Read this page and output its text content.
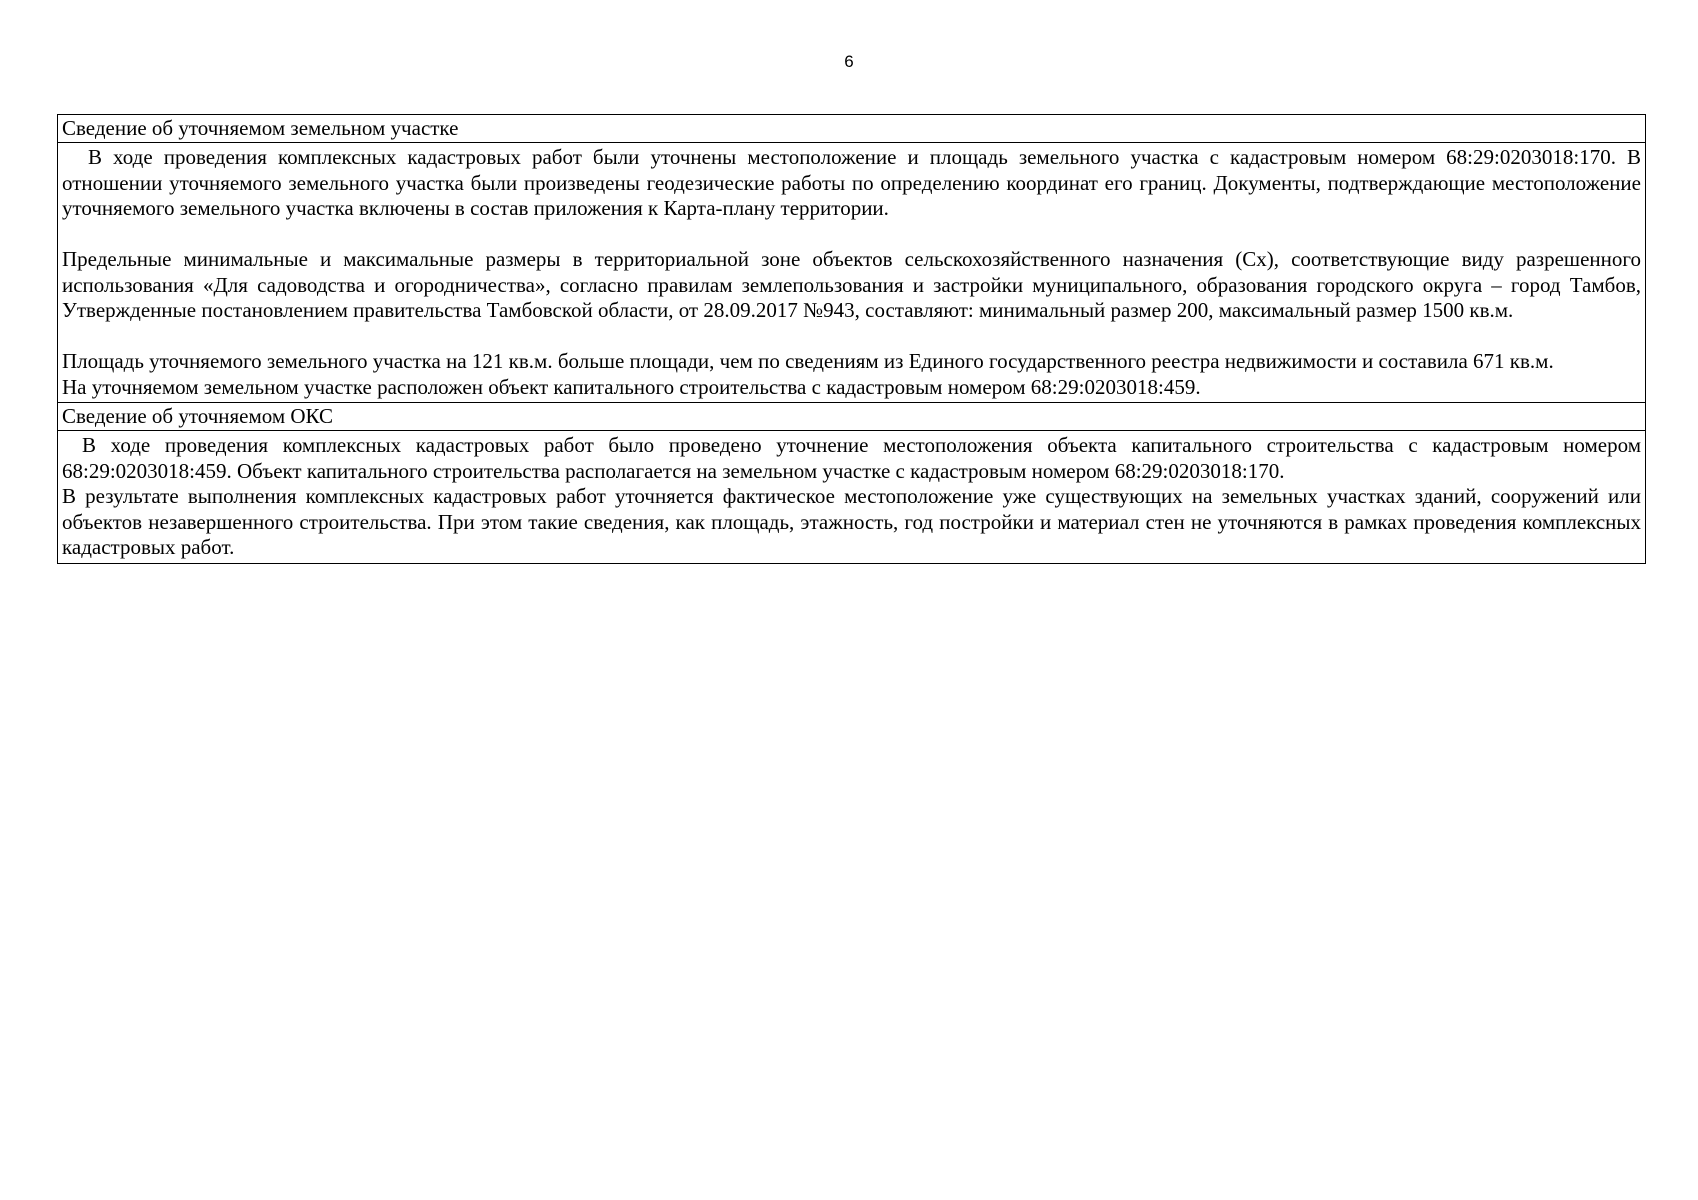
6
Сведение об уточняемом земельном участке

В ходе проведения комплексных кадастровых работ были уточнены местоположение и площадь земельного участка с кадастровым номером 68:29:0203018:170. В отношении уточняемого земельного участка были произведены геодезические работы по определению координат его границ. Документы, подтверждающие местоположение уточняемого земельного участка включены в состав приложения к Карта-плану территории.

Предельные минимальные и максимальные размеры в территориальной зоне объектов сельскохозяйственного назначения (Сх), соответствующие виду разрешенного использования «Для садоводства и огородничества», согласно правилам землепользования и застройки муниципального, образования городского округа – город Тамбов, Утвержденные постановлением правительства Тамбовской области, от 28.09.2017 №943, составляют: минимальный размер 200, максимальный размер 1500 кв.м.

Площадь уточняемого земельного участка на 121 кв.м. больше площади, чем по сведениям из Единого государственного реестра недвижимости и составила 671 кв.м.

На уточняемом земельном участке расположен объект капитального строительства с кадастровым номером 68:29:0203018:459.

Сведение об уточняемом ОКС

В ходе проведения комплексных кадастровых работ было проведено уточнение местоположения объекта капитального строительства с кадастровым номером 68:29:0203018:459. Объект капитального строительства располагается на земельном участке с кадастровым номером 68:29:0203018:170.

В результате выполнения комплексных кадастровых работ уточняется фактическое местоположение уже существующих на земельных участках зданий, сооружений или объектов незавершенного строительства. При этом такие сведения, как площадь, этажность, год постройки и материал стен не уточняются в рамках проведения комплексных кадастровых работ.
